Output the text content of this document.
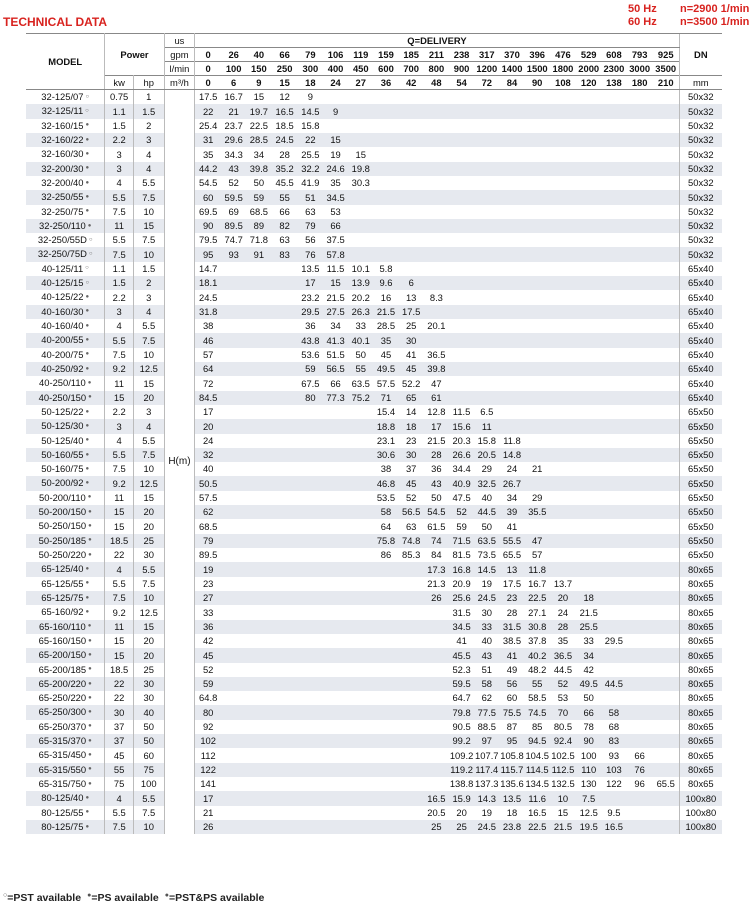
TECHNICAL DATA
50 Hz
60 Hz
n=2900 1/min
n=3500 1/min
MODEL	Power		us	Q=DELIVERY																			DN
			gpm	0	26	40	66	79	106	119	159	185	211	238	317	370	396	476	529	608	793	925	
			l/min	0	100	150	250	300	400	450	600	700	800	900	1200	1400	1500	1800	2000	2300	3000	3500	
	kw	hp	m³/h	0	6	9	15	18	24	27	36	42	48	54	72	84	90	108	120	138	180	210	mm
32-125/07 ○	0.75	1	H(m)	17.5	16.7	15	12	9															50x32
32-125/11 ○	1.1	1.5		22	21	19.7	16.5	14.5	9														50x32
32-160/15 ●	1.5	2		25.4	23.7	22.5	18.5	15.8															50x32
32-160/22 ●	2.2	3		31	29.6	28.5	24.5	22	15														50x32
32-160/30 ●	3	4		35	34.3	34	28	25.5	19	15													50x32
32-200/30 ●	3	4		44.2	43	39.8	35.2	32.2	24.6	19.8													50x32
32-200/40 ●	4	5.5		54.5	52	50	45.5	41.9	35	30.3													50x32
32-250/55 ●	5.5	7.5		60	59.5	59	55	51	34.5														50x32
32-250/75 ●	7.5	10		69.5	69	68.5	66	63	53														50x32
32-250/110 ●	11	15		90	89.5	89	82	79	66														50x32
32-250/55D ○	5.5	7.5		79.5	74.7	71.8	63	56	37.5														50x32
32-250/75D ○	7.5	10		95	93	91	83	76	57.8														50x32
40-125/11 ○	1.1	1.5		14.7				13.5	11.5	10.1	5.8												65x40
40-125/15 ○	1.5	2		18.1				17	15	13.9	9.6	6											65x40
40-125/22 ●	2.2	3		24.5				23.2	21.5	20.2	16	13	8.3										65x40
40-160/30 ●	3	4		31.8				29.5	27.5	26.3	21.5	17.5											65x40
40-160/40 ●	4	5.5		38				36	34	33	28.5	25	20.1										65x40
40-200/55 ●	5.5	7.5		46				43.8	41.3	40.1	35	30											65x40
40-200/75 ●	7.5	10		57				53.6	51.5	50	45	41	36.5										65x40
40-250/92 ●	9.2	12.5		64				59	56.5	55	49.5	45	39.8										65x40
40-250/110 ●	11	15		72				67.5	66	63.5	57.5	52.2	47										65x40
40-250/150 ●	15	20		84.5				80	77.3	75.2	71	65	61										65x40
50-125/22 ●	2.2	3		17							15.4	14	12.8	11.5	6.5								65x50
50-125/30 ●	3	4		20							18.8	18	17	15.6	11								65x50
50-125/40 ●	4	5.5		24							23.1	23	21.5	20.3	15.8	11.8							65x50
50-160/55 ●	5.5	7.5		32							30.6	30	28	26.6	20.5	14.8							65x50
50-160/75 ●	7.5	10		40							38	37	36	34.4	29	24	21						65x50
50-200/92 ●	9.2	12.5		50.5							46.8	45	43	40.9	32.5	26.7							65x50
50-200/110 ●	11	15		57.5							53.5	52	50	47.5	40	34	29						65x50
50-200/150 ●	15	20		62							58	56.5	54.5	52	44.5	39	35.5						65x50
50-250/150 ●	15	20		68.5							64	63	61.5	59	50	41							65x50
50-250/185 ●	18.5	25		79							75.8	74.8	74	71.5	63.5	55.5	47						65x50
50-250/220 ●	22	30		89.5							86	85.3	84	81.5	73.5	65.5	57						65x50
65-125/40 ●	4	5.5		19									17.3	16.8	14.5	13	11.8						80x65
65-125/55 ●	5.5	7.5		23									21.3	20.9	19	17.5	16.7	13.7					80x65
65-125/75 ●	7.5	10		27									26	25.6	24.5	23	22.5	20	18				80x65
65-160/92 ●	9.2	12.5		33										31.5	30	28	27.1	24	21.5				80x65
65-160/110 ●	11	15		36										34.5	33	31.5	30.8	28	25.5				80x65
65-160/150 ●	15	20		42										41	40	38.5	37.8	35	33	29.5			80x65
65-200/150 ●	15	20		45										45.5	43	41	40.2	36.5	34				80x65
65-200/185 ●	18.5	25		52										52.3	51	49	48.2	44.5	42				80x65
65-200/220 ●	22	30		59										59.5	58	56	55	52	49.5	44.5			80x65
65-250/220 ●	22	30		64.8										64.7	62	60	58.5	53	50				80x65
65-250/300 ●	30	40		80										79.8	77.5	75.5	74.5	70	66	58			80x65
65-250/370 ●	37	50		92										90.5	88.5	87	85	80.5	78	68			80x65
65-315/370 ●	37	50		102										99.2	97	95	94.5	92.4	90	83			80x65
65-315/450 ●	45	60		112										109.2	107.7	105.8	104.5	102.5	100	93	66		80x65
65-315/550 ●	55	75		122										119.2	117.4	115.7	114.5	112.5	110	103	76		80x65
65-315/750 ●	75	100		141										138.8	137.3	135.6	134.5	132.5	130	122	96	65.5	80x65
80-125/40 ●	4	5.5		17									16.5	15.9	14.3	13.5	11.6	10	7.5				100x80
80-125/55 ●	5.5	7.5		21									20.5	20	19	18	16.5	15	12.5	9.5			100x80
80-125/75 ●	7.5	10		26									25	25	24.5	23.8	22.5	21.5	19.5	16.5			100x80
○=PST available ●=PS available ●=PST&PS available
